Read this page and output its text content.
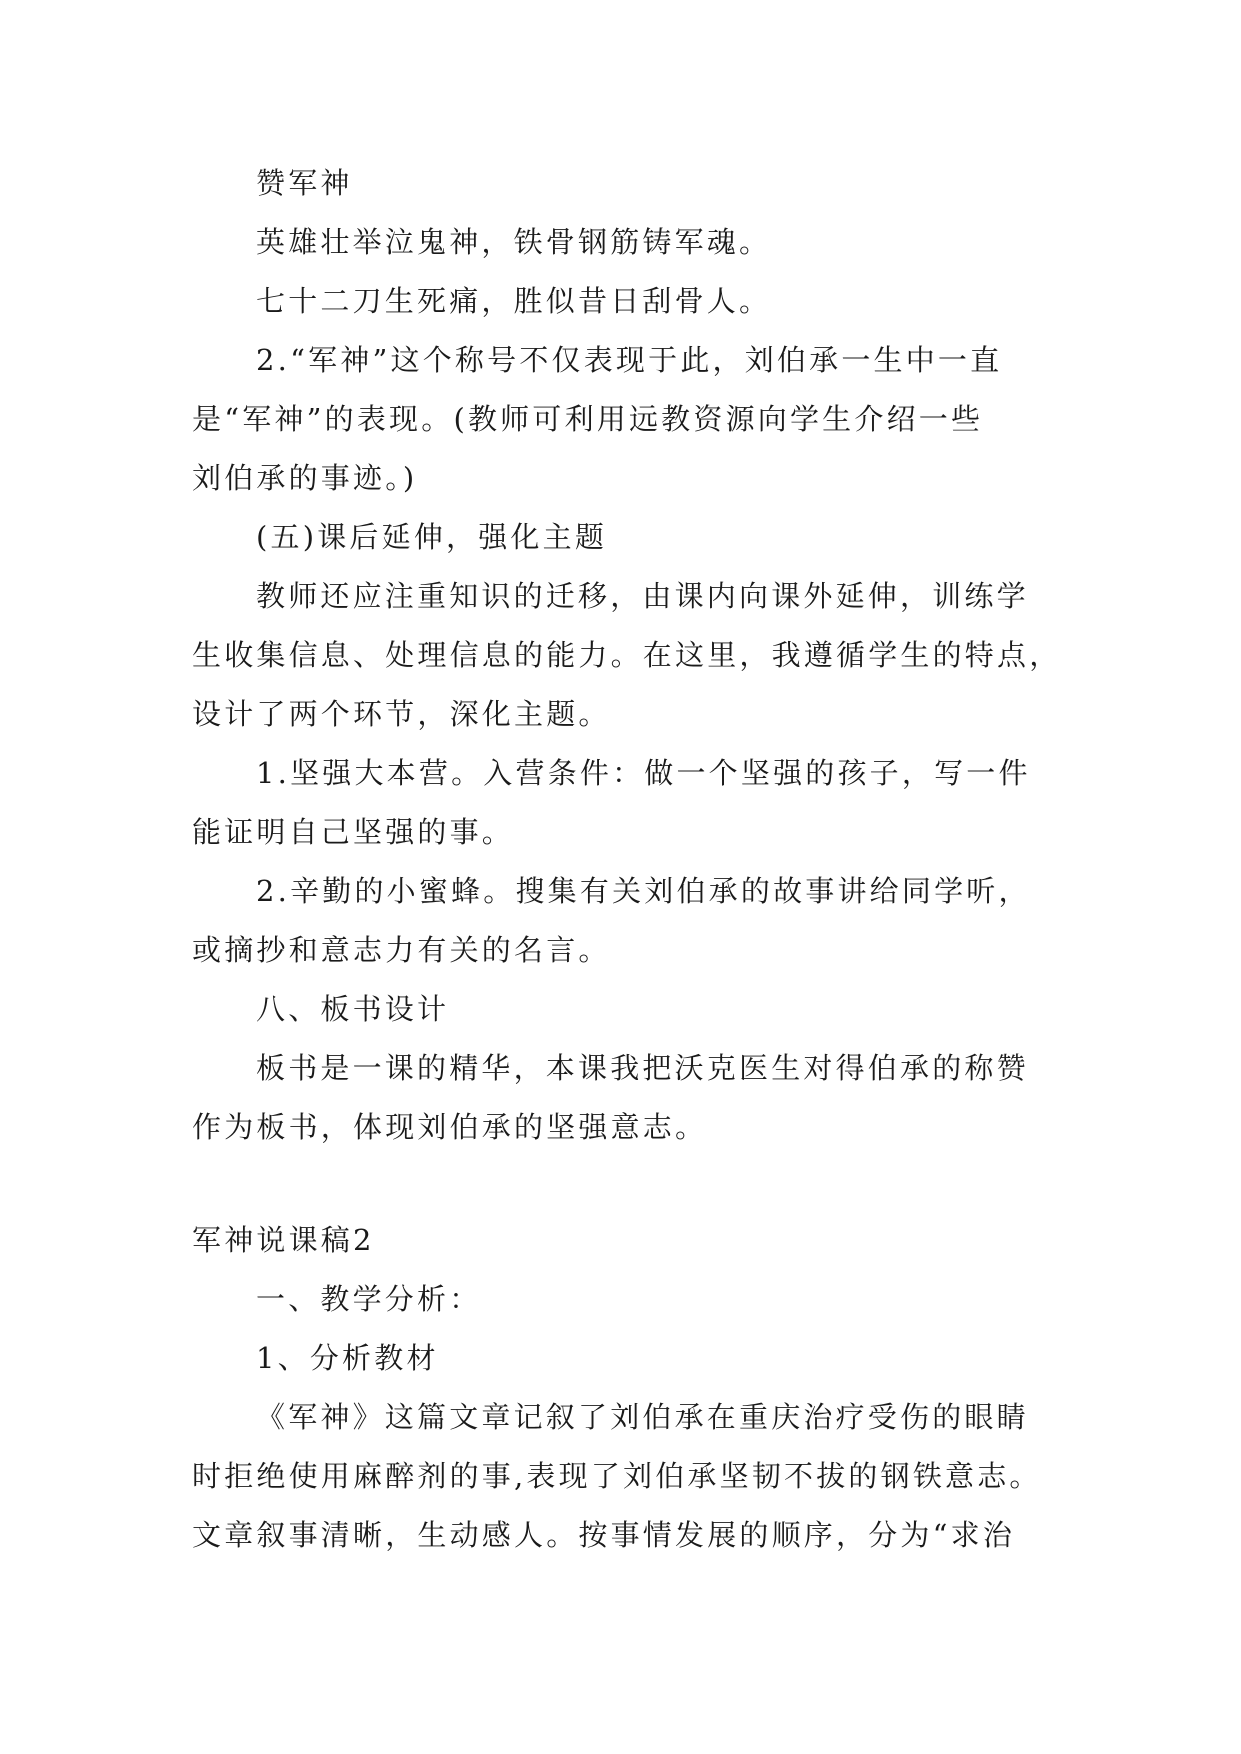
赞军神

英雄壮举泣鬼神，铁骨钢筋铸军魂。

七十二刀生死痛，胜似昔日刮骨人。

2.“军神”这个称号不仅表现于此，刘伯承一生中一直

是“军神”的表现。(教师可利用远教资源向学生介绍一些

刘伯承的事迹。)

(五)课后延伸，强化主题

教师还应注重知识的迁移，由课内向课外延伸，训练学

生收集信息、处理信息的能力。在这里，我遵循学生的特点，

设计了两个环节，深化主题。

1.坚强大本营。入营条件：做一个坚强的孩子，写一件

能证明自己坚强的事。

2.辛勤的小蜜蜂。搜集有关刘伯承的故事讲给同学听，

或摘抄和意志力有关的名言。

八、板书设计

板书是一课的精华，本课我把沃克医生对得伯承的称赞

作为板书，体现刘伯承的坚强意志。

军神说课稿2

一、教学分析：

1、分析教材

《军神》这篇文章记叙了刘伯承在重庆治疗受伤的眼睛

时拒绝使用麻醉剂的事,表现了刘伯承坚韧不拔的钢铁意志。

文章叙事清晰，生动感人。按事情发展的顺序，分为“求治
